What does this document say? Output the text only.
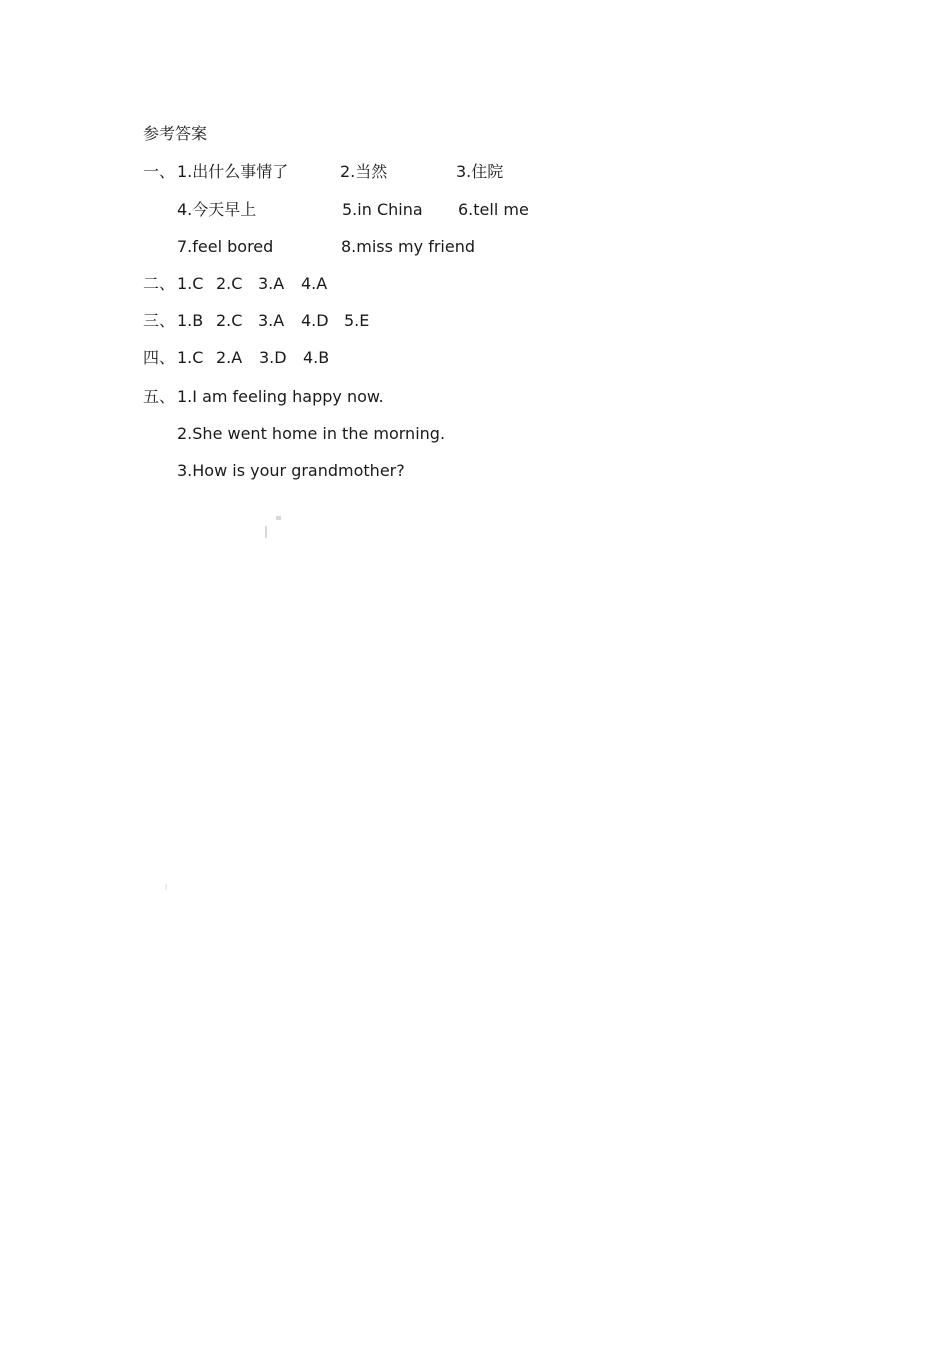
参考答案
一、 1.出什么事情了	2.当然	3.住院
4.今天早上	5.in China 6.tell me
7.feel bored	8.miss my friend
二、 1.C 2.C 3.A 4.A
三、 1.B 2.C 3.A 4.D 5.E
四、 1.C 2.A 3.D 4.B
五、 1.I am feeling happy now.
2.She went home in the morning.
3.How is your grandmother?
